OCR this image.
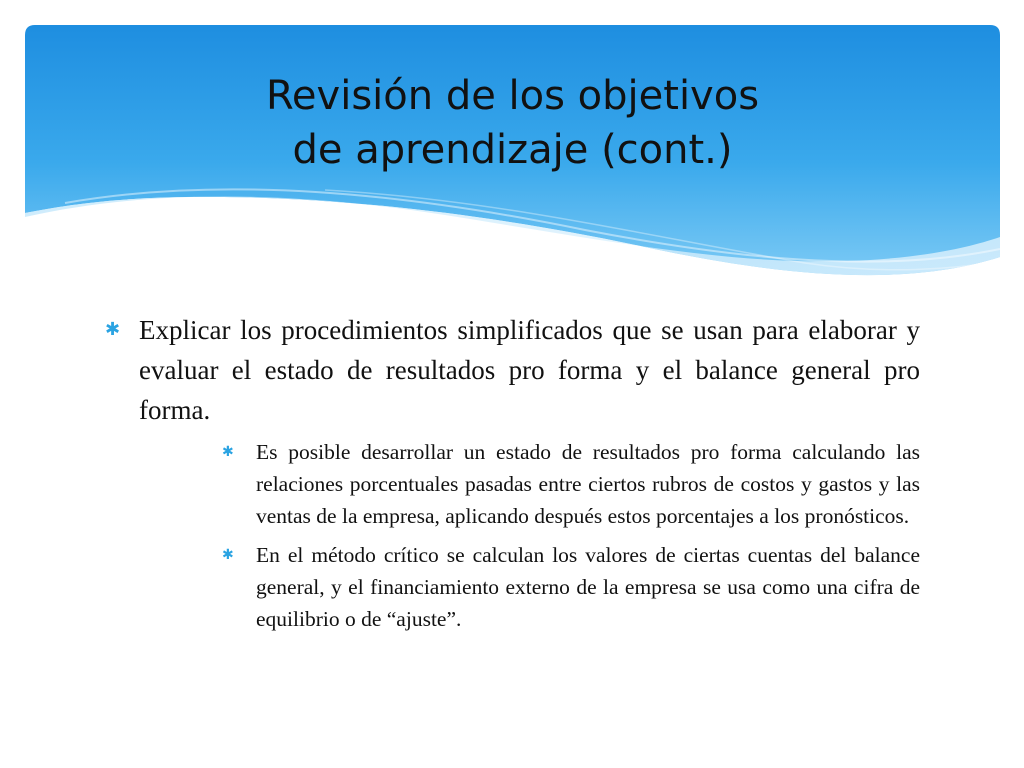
Revisión de los objetivos
de aprendizaje (cont.)
✱ Explicar los procedimientos simplificados que se usan para elaborar y evaluar el estado de resultados pro forma y el balance general pro forma.
✱ Es posible desarrollar un estado de resultados pro forma calculando las relaciones porcentuales pasadas entre ciertos rubros de costos y gastos y las ventas de la empresa, aplicando después estos porcentajes a los pronósticos.
✱ En el método crítico se calculan los valores de ciertas cuentas del balance general, y el financiamiento externo de la empresa se usa como una cifra de equilibrio o de “ajuste”.
